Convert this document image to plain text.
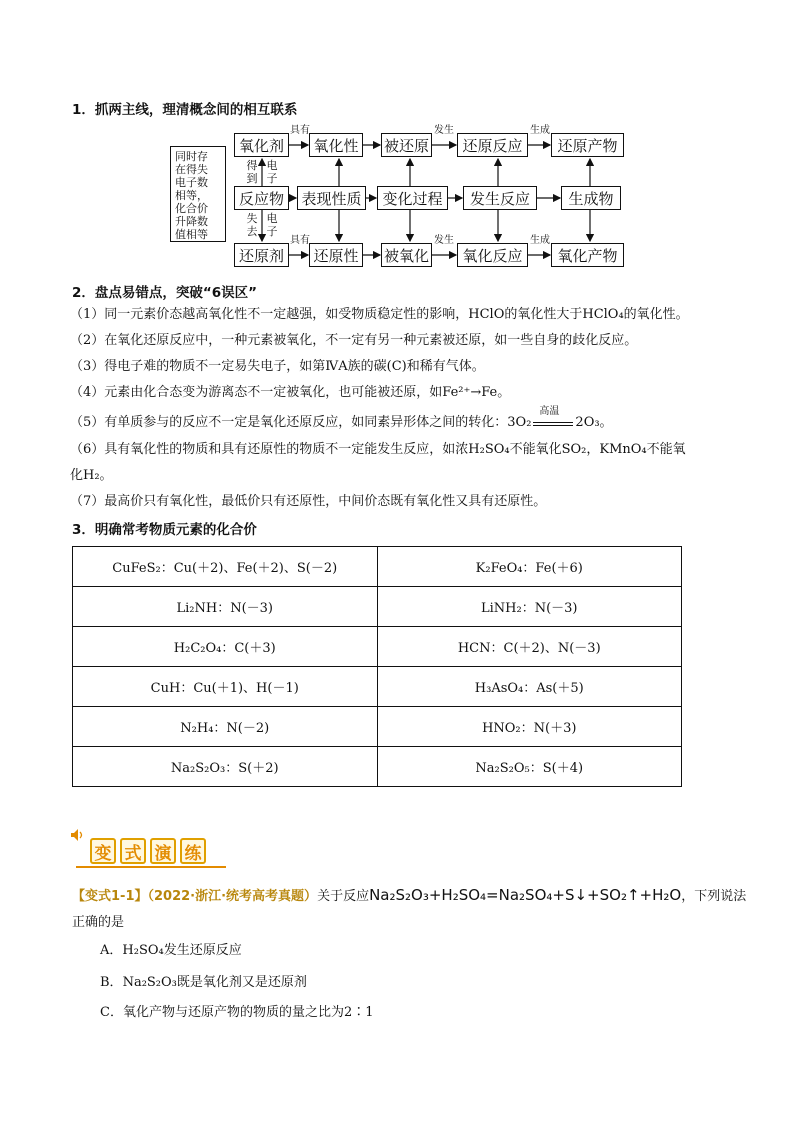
1．抓两主线，理清概念间的相互联系
同时存
在得失
电子数
相等，
化合价
升降数
值相等
氧化剂	氧化性	被还原	还原反应	还原产物
反应物	表现性质	变化过程	发生反应	生成物
还原剂	还原性	被氧化	氧化反应	氧化产物
具有	发生	生成
具有	发生	生成
得
到
电
子
失
去
电
子
2．盘点易错点，突破“6误区”
（1）同一元素价态越高氧化性不一定越强，如受物质稳定性的影响，HClO的氧化性大于HClO₄的氧化性。
（2）在氧化还原反应中，一种元素被氧化，不一定有另一种元素被还原，如一些自身的歧化反应。
（3）得电子难的物质不一定易失电子，如第ⅣA族的碳(C)和稀有气体。
（4）元素由化合态变为游离态不一定被氧化，也可能被还原，如Fe²⁺→Fe。
（5）有单质参与的反应不一定是氧化还原反应，如同素异形体之间的转化：3O₂
高温
2O₃。
（6）具有氧化性的物质和具有还原性的物质不一定能发生反应，如浓H₂SO₄不能氧化SO₂，KMnO₄不能氧
化H₂。
（7）最高价只有氧化性，最低价只有还原性，中间价态既有氧化性又具有还原性。
3．明确常考物质元素的化合价
CuFeS₂：Cu(＋2)、Fe(＋2)、S(－2)	K₂FeO₄：Fe(＋6)
Li₂NH：N(－3)	LiNH₂：N(－3)
H₂C₂O₄：C(＋3)	HCN：C(＋2)、N(－3)
CuH：Cu(＋1)、H(－1)	H₃AsO₄：As(＋5)
N₂H₄：N(－2)	HNO₂：N(＋3)
Na₂S₂O₃：S(＋2)	Na₂S₂O₅：S(＋4)
变 式 演 练
【变式1-1】（2022·浙江·统考高考真题）关于反应Na₂S₂O₃+H₂SO₄=Na₂SO₄+S↓+SO₂↑+H₂O，下列说法
正确的是
A．H₂SO₄发生还原反应
B．Na₂S₂O₃既是氧化剂又是还原剂
C．氧化产物与还原产物的物质的量之比为2∶1
